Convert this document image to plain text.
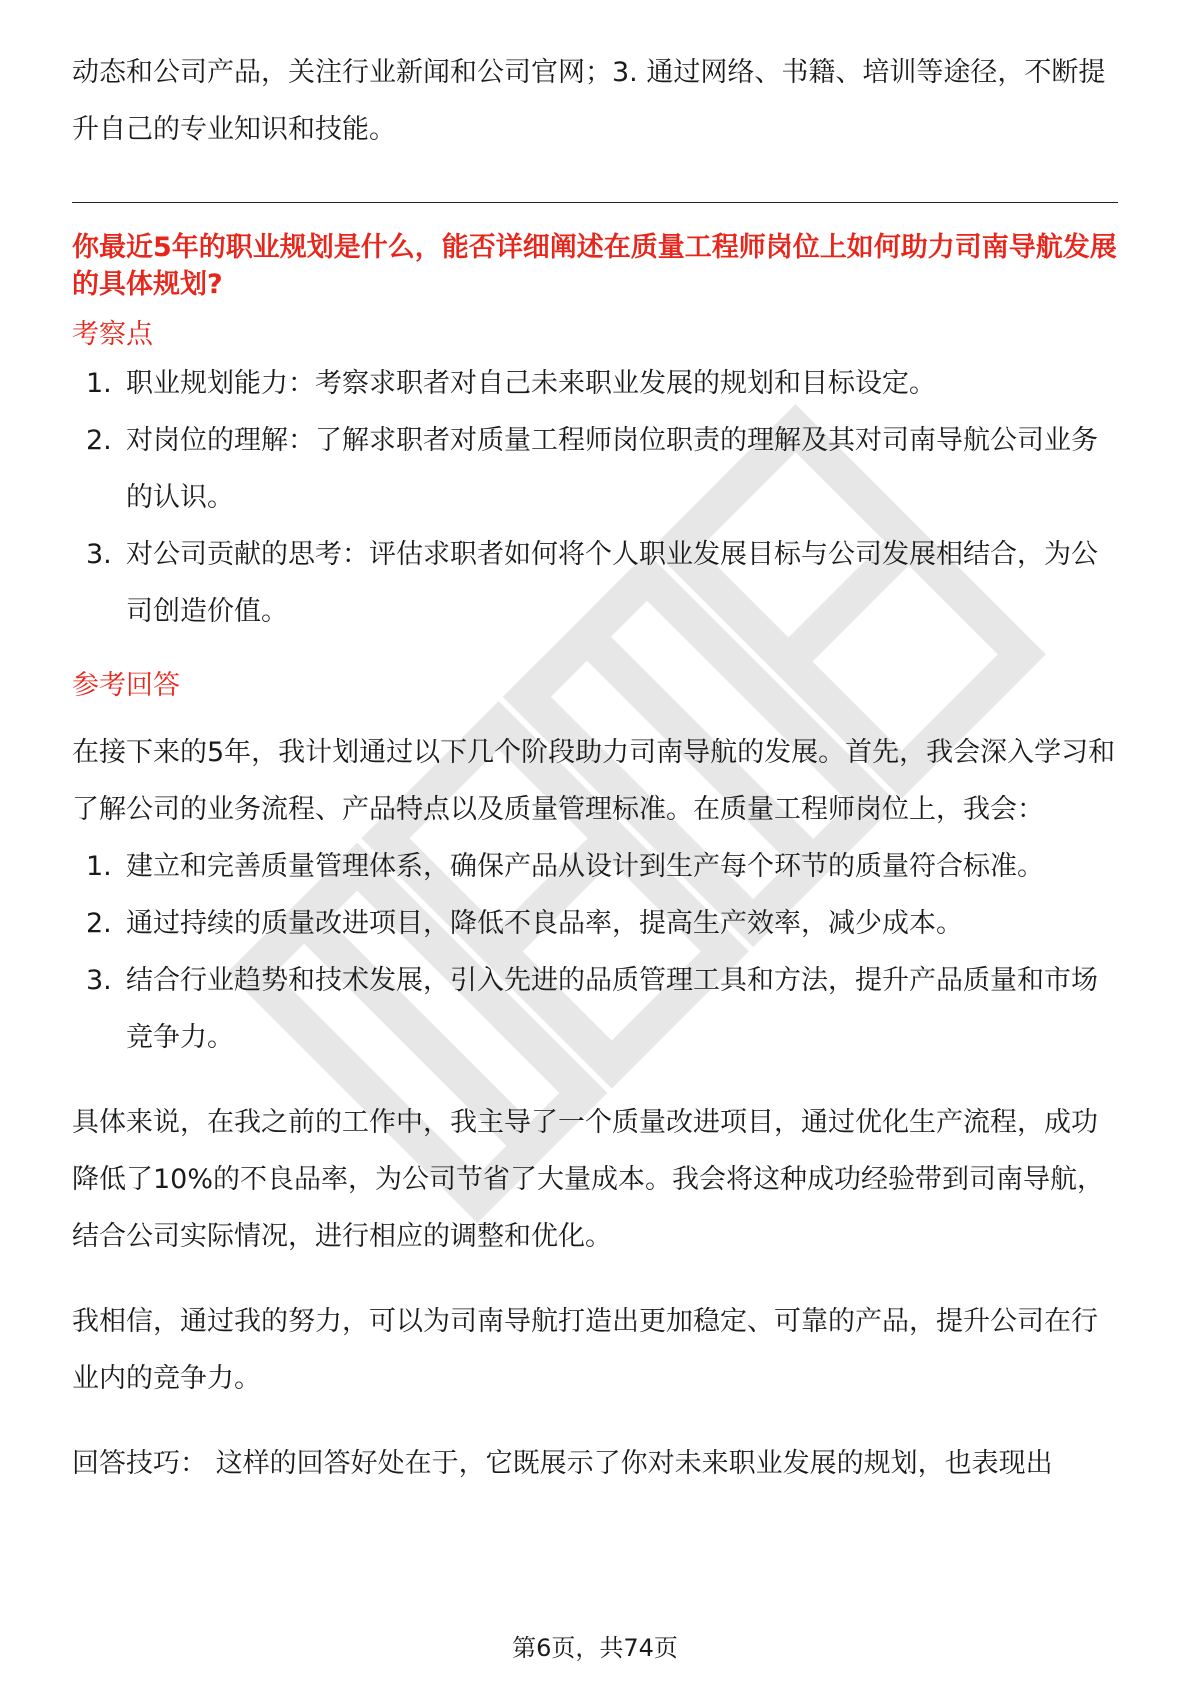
动态和公司产品，关注行业新闻和公司官网；3. 通过网络、书籍、培训等途径，不断提升自己的专业知识和技能。

你最近5年的职业规划是什么，能否详细阐述在质量工程师岗位上如何助力司南导航发展的具体规划?

考察点

1. 职业规划能力：考察求职者对自己未来职业发展的规划和目标设定。
2. 对岗位的理解：了解求职者对质量工程师岗位职责的理解及其对司南导航公司业务的认识。
3. 对公司贡献的思考：评估求职者如何将个人职业发展目标与公司发展相结合，为公司创造价值。

参考回答

在接下来的5年，我计划通过以下几个阶段助力司南导航的发展。首先，我会深入学习和了解公司的业务流程、产品特点以及质量管理标准。在质量工程师岗位上，我会：

1. 建立和完善质量管理体系，确保产品从设计到生产每个环节的质量符合标准。
2. 通过持续的质量改进项目，降低不良品率，提高生产效率，减少成本。
3. 结合行业趋势和技术发展，引入先进的品质管理工具和方法，提升产品质量和市场竞争力。

具体来说，在我之前的工作中，我主导了一个质量改进项目，通过优化生产流程，成功降低了10%的不良品率，为公司节省了大量成本。我会将这种成功经验带到司南导航，结合公司实际情况，进行相应的调整和优化。

我相信，通过我的努力，可以为司南导航打造出更加稳定、可靠的产品，提升公司在行业内的竞争力。

回答技巧： 这样的回答好处在于，它既展示了你对未来职业发展的规划，也表现出

第6页，共74页
